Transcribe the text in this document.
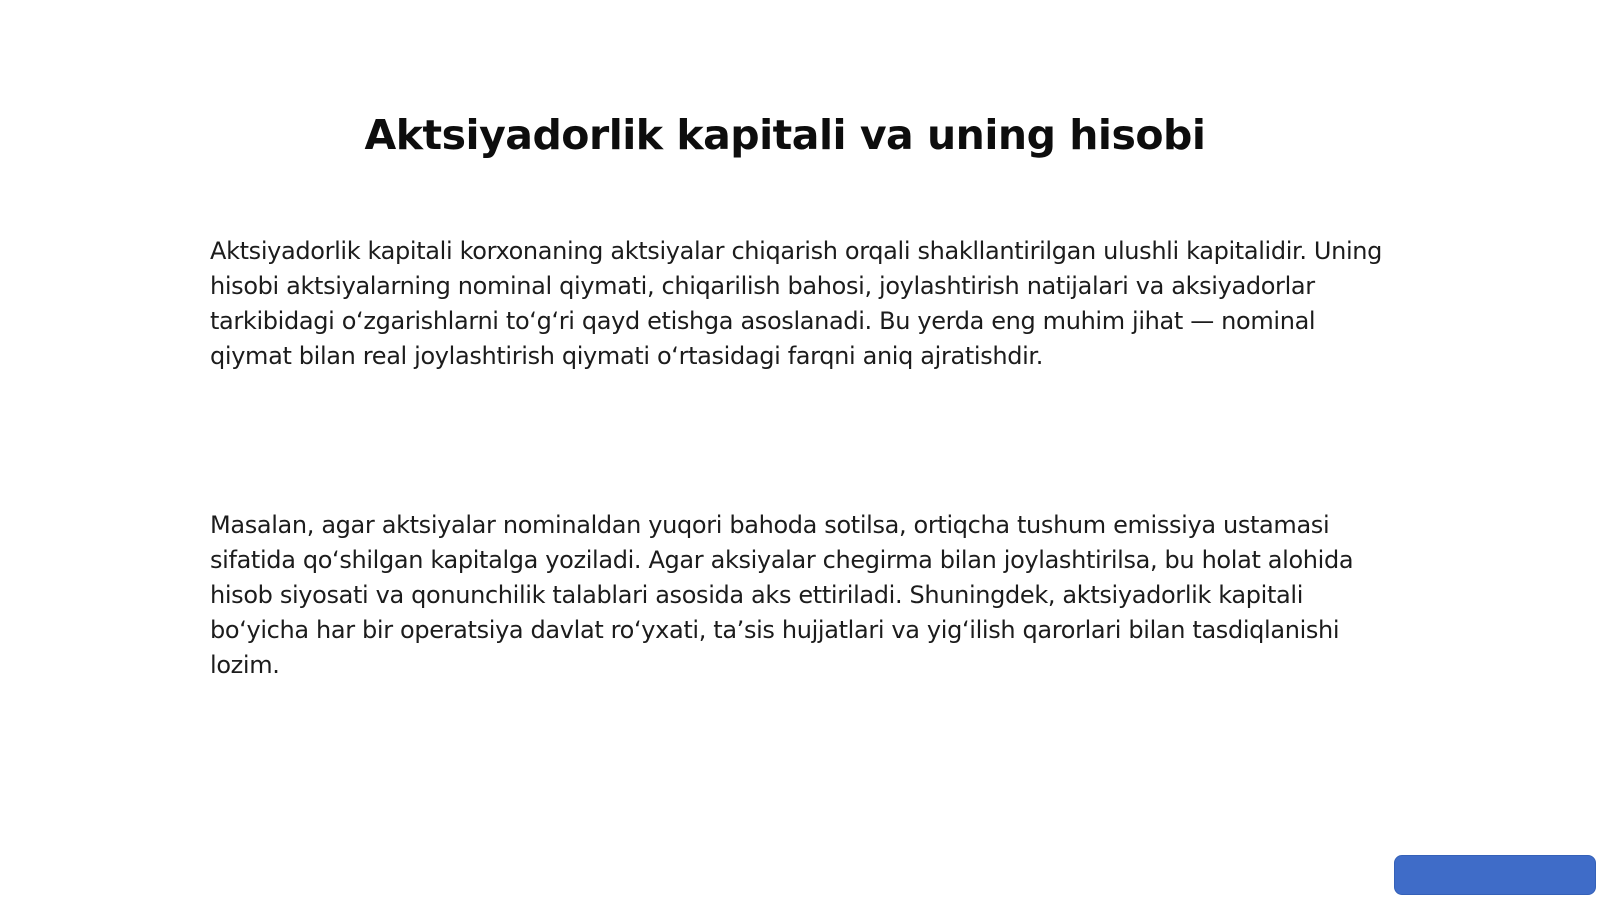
Aktsiyadorlik kapitali va uning hisobi

Aktsiyadorlik kapitali korxonaning aktsiyalar chiqarish orqali shakllantirilgan ulushli kapitalidir. Uning hisobi aktsiyalarning nominal qiymati, chiqarilish bahosi, joylashtirish natijalari va aksiyadorlar tarkibidagi o‘zgarishlarni to‘g‘ri qayd etishga asoslanadi. Bu yerda eng muhim jihat — nominal qiymat bilan real joylashtirish qiymati o‘rtasidagi farqni aniq ajratishdir.

Masalan, agar aktsiyalar nominaldan yuqori bahoda sotilsa, ortiqcha tushum emissiya ustamasi sifatida qo‘shilgan kapitalga yoziladi. Agar aksiyalar chegirma bilan joylashtirilsa, bu holat alohida hisob siyosati va qonunchilik talablari asosida aks ettiriladi. Shuningdek, aktsiyadorlik kapitali bo‘yicha har bir operatsiya davlat ro‘yxati, ta’sis hujjatlari va yig‘ilish qarorlari bilan tasdiqlanishi lozim.
